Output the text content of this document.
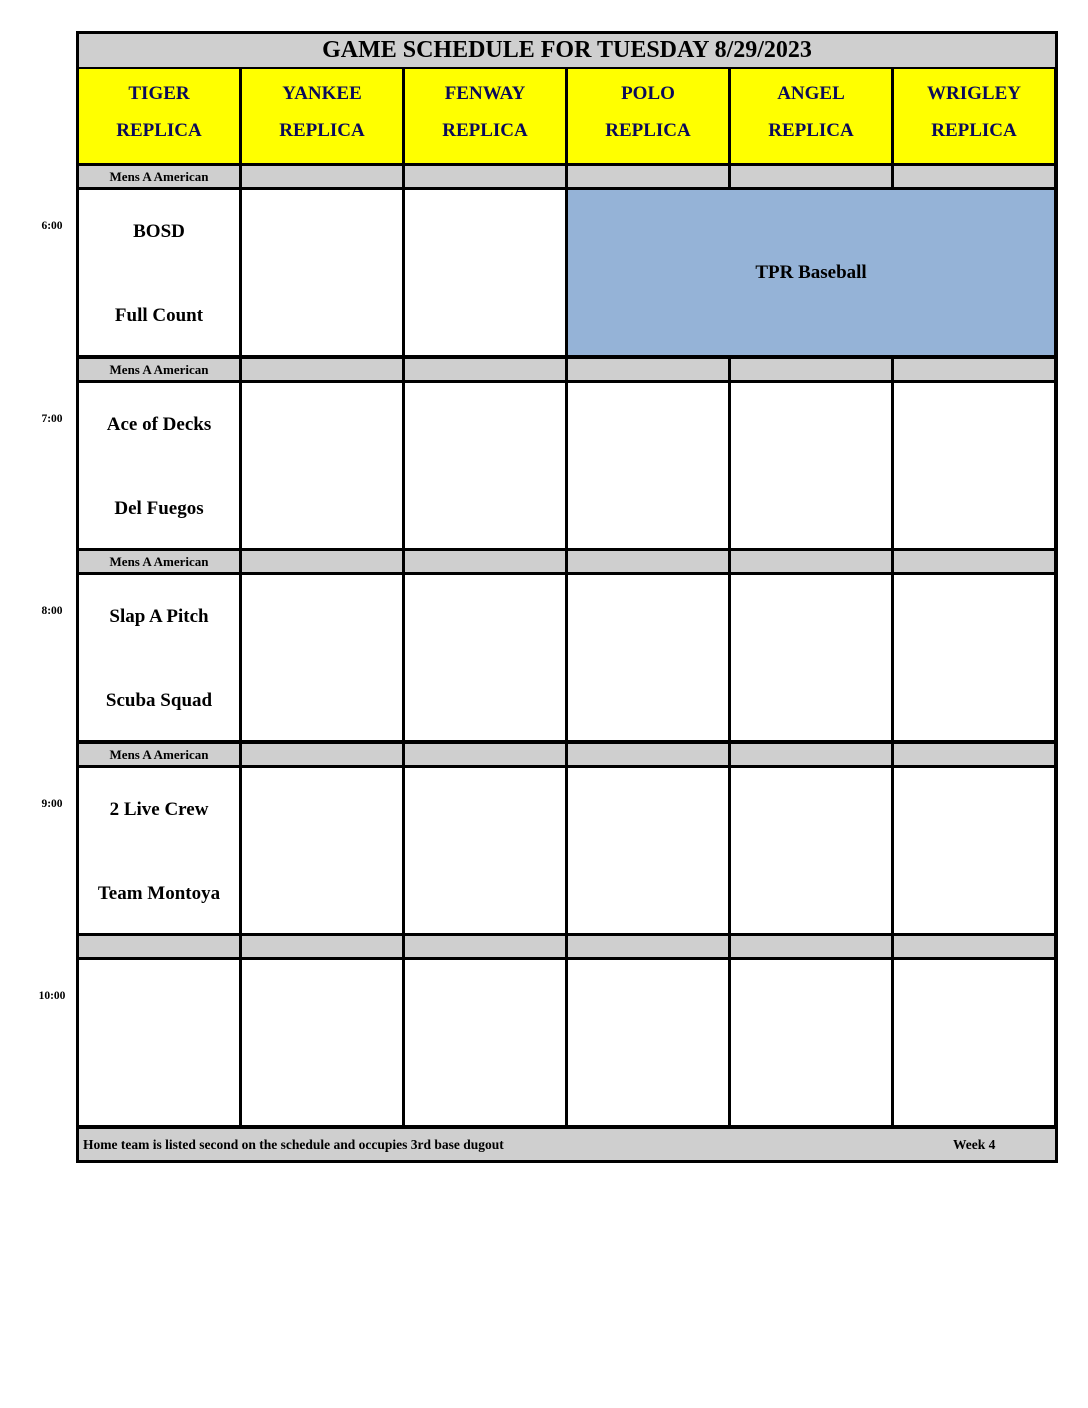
GAME SCHEDULE FOR TUESDAY 8/29/2023
TIGER
REPLICA
YANKEE
REPLICA
FENWAY
REPLICA
POLO
REPLICA
ANGEL
REPLICA
WRIGLEY
REPLICA
Mens A American
BOSD
Full Count
TPR Baseball
Mens A American
Ace of Decks
Del Fuegos
Mens A American
Slap A Pitch
Scuba Squad
Mens A American
2 Live Crew
Team Montoya
Home team is listed second on the schedule and occupies 3rd base dugout	Week 4
6:00
7:00
8:00
9:00
10:00
